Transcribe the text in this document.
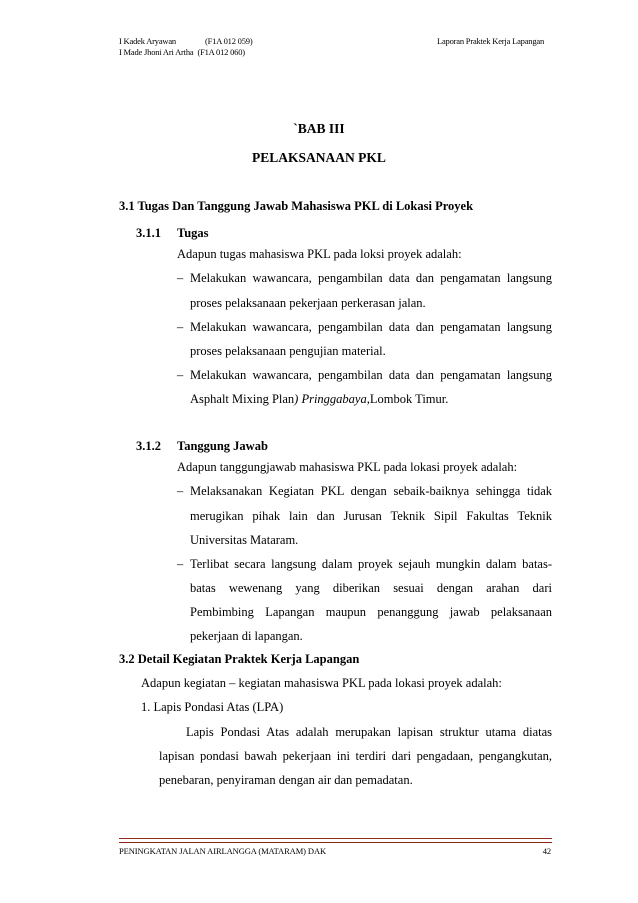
I Kadek Aryawan	(F1A 012 059)
I Made Jhoni Ari Artha (F1A 012 060)
Laporan Praktek Kerja Lapangan
`BAB III
PELAKSANAAN PKL
3.1 Tugas Dan Tanggung Jawab Mahasiswa PKL di Lokasi Proyek
3.1.1 Tugas
Adapun tugas mahasiswa PKL pada loksi proyek adalah:
– Melakukan wawancara, pengambilan data dan pengamatan langsung
proses pelaksanaan pekerjaan perkerasan jalan.
– Melakukan wawancara, pengambilan data dan pengamatan langsung
proses pelaksanaan pengujian material.
– Melakukan wawancara, pengambilan data dan pengamatan langsung
Asphalt Mixing Plan) Pringgabaya,Lombok Timur.
3.1.2 Tanggung Jawab
Adapun tanggungjawab mahasiswa PKL pada lokasi proyek adalah:
– Melaksanakan Kegiatan PKL dengan sebaik-baiknya sehingga tidak
merugikan pihak lain dan Jurusan Teknik Sipil Fakultas Teknik
Universitas Mataram.
– Terlibat secara langsung dalam proyek sejauh mungkin dalam batas-
batas wewenang yang diberikan sesuai dengan arahan dari
Pembimbing Lapangan maupun penanggung jawab pelaksanaan
pekerjaan di lapangan.
3.2 Detail Kegiatan Praktek Kerja Lapangan
Adapun kegiatan – kegiatan mahasiswa PKL pada lokasi proyek adalah:
1. Lapis Pondasi Atas (LPA)
Lapis Pondasi Atas adalah merupakan lapisan struktur utama diatas
lapisan pondasi bawah pekerjaan ini terdiri dari pengadaan, pengangkutan,
penebaran, penyiraman dengan air dan pemadatan.
PENINGKATAN JALAN AIRLANGGA (MATARAM) DAK	42
